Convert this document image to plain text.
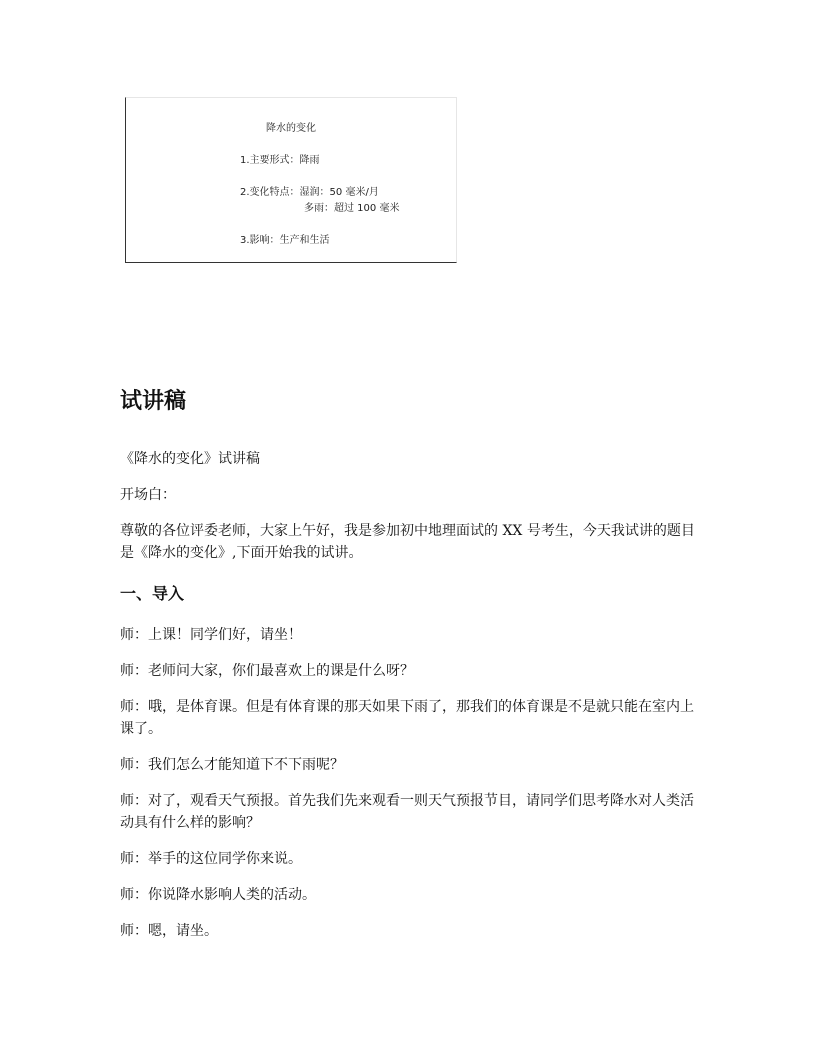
降水的变化
1.主要形式：降雨
2.变化特点：湿润：50 毫米/月
多雨：超过 100 毫米
3.影响：生产和生活
试讲稿

《降水的变化》试讲稿

开场白：

尊敬的各位评委老师，大家上午好，我是参加初中地理面试的 XX 号考生，今天我试讲的题目是《降水的变化》,下面开始我的试讲。

一、导入

师：上课！同学们好，请坐！

师：老师问大家，你们最喜欢上的课是什么呀？

师：哦，是体育课。但是有体育课的那天如果下雨了，那我们的体育课是不是就只能在室内上课了。

师：我们怎么才能知道下不下雨呢？

师：对了，观看天气预报。首先我们先来观看一则天气预报节目，请同学们思考降水对人类活动具有什么样的影响？

师：举手的这位同学你来说。

师：你说降水影响人类的活动。

师：嗯，请坐。
